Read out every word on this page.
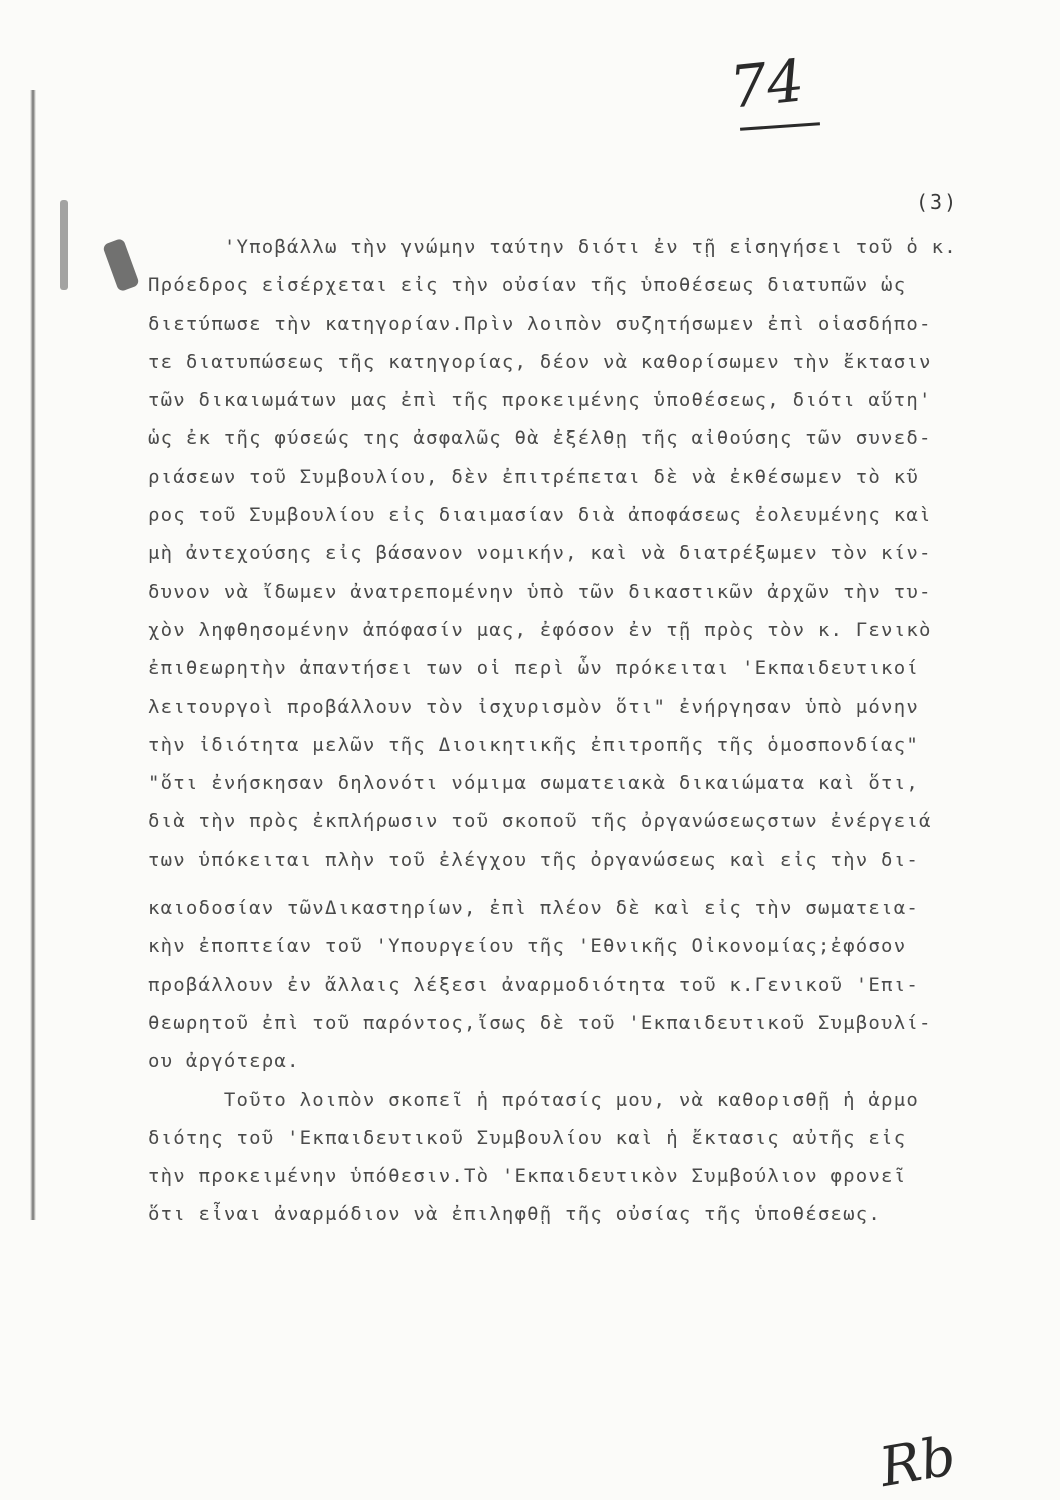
74
(3)
'Υποβάλλω τὴν γνώμην ταύτην διότι ἐν τῇ εἰσηγήσει τοῦ ὁ κ.
Πρόεδρος εἰσέρχεται εἰς τὴν οὐσίαν τῆς ὑποθέσεως διατυπῶν ὡς
διετύπωσε τὴν κατηγορίαν.Πρὶν λοιπὸν συζητήσωμεν ἐπὶ οἱασδήπο-
τε διατυπώσεως τῆς κατηγορίας, δέον νὰ καθορίσωμεν τὴν ἔκτασιν
τῶν δικαιωμάτων μας ἐπὶ τῆς προκειμένης ὑποθέσεως, διότι αὕτη'
ὡς ἐκ τῆς φύσεώς της ἀσφαλῶς θὰ ἐξέλθῃ τῆς αἰθούσης τῶν συνεδ-
ριάσεων τοῦ Συμβουλίου, δὲν ἐπιτρέπεται δὲ νὰ ἐκθέσωμεν τὸ κῦ
ρος τοῦ Συμβουλίου εἰς διαιμασίαν διὰ ἀποφάσεως ἐολευμένης καὶ
μὴ ἀντεχούσης εἰς βάσανον νομικήν, καὶ νὰ διατρέξωμεν τὸν κίν-
δυνον νὰ ἴδωμεν ἀνατρεπομένην ὑπὸ τῶν δικαστικῶν ἀρχῶν τὴν τυ-
χὸν ληφθησομένην ἀπόφασίν μας, ἐφόσον ἐν τῇ πρὸς τὸν κ. Γενικὸ
ἐπιθεωρητὴν ἀπαντήσει των οἱ περὶ ὧν πρόκειται 'Εκπαιδευτικοί
λειτουργοὶ προβάλλουν τὸν ἰσχυρισμὸν ὅτι" ἐνήργησαν ὑπὸ μόνην
τὴν ἰδιότητα μελῶν τῆς Διοικητικῆς ἐπιτροπῆς τῆς ὁμοσπονδίας"
"ὅτι ἐνήσκησαν δηλονότι νόμιμα σωματειακὰ δικαιώματα καὶ ὅτι,
διὰ τὴν πρὸς ἐκπλήρωσιν τοῦ σκοποῦ τῆς ὀργανώσεωςστων ἐνέργειά
των ὑπόκειται πλὴν τοῦ ἐλέγχου τῆς ὀργανώσεως καὶ εἰς τὴν δι-
καιοδοσίαν τῶνΔικαστηρίων, ἐπὶ πλέον δὲ καὶ εἰς τὴν σωματεια-
κὴν ἐποπτείαν τοῦ 'Υπουργείου τῆς 'Εθνικῆς Οἰκονομίας;ἐφόσον
προβάλλουν ἐν ἄλλαις λέξεσι ἀναρμοδιότητα τοῦ κ.Γενικοῦ 'Επι-
θεωρητοῦ ἐπὶ τοῦ παρόντος,ἴσως δὲ τοῦ 'Εκπαιδευτικοῦ Συμβουλί-
ου ἀργότερα.
Τοῦτο λοιπὸν σκοπεῖ ἡ πρότασίς μου, νὰ καθορισθῇ ἡ ἁρμο
διότης τοῦ 'Εκπαιδευτικοῦ Συμβουλίου καὶ ἡ ἔκτασις αὐτῆς εἰς
τὴν προκειμένην ὑπόθεσιν.Τὸ 'Εκπαιδευτικὸν Συμβούλιον φρονεῖ
ὅτι εἶναι ἀναρμόδιον νὰ ἐπιληφθῇ τῆς οὐσίας τῆς ὑποθέσεως.
Rb
